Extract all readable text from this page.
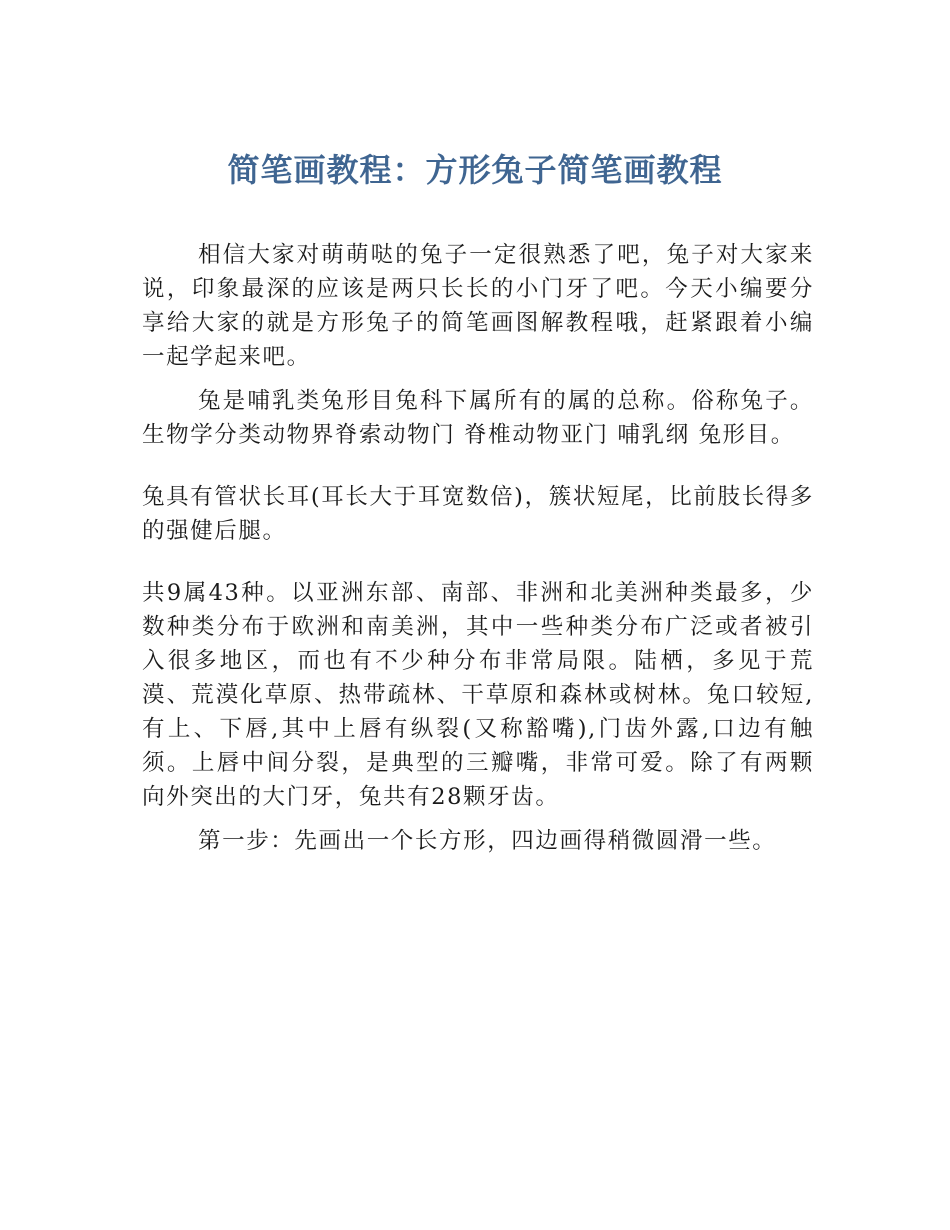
简笔画教程：方形兔子简笔画教程

相信大家对萌萌哒的兔子一定很熟悉了吧，兔子对大家来说，印象最深的应该是两只长长的小门牙了吧。今天小编要分享给大家的就是方形兔子的简笔画图解教程哦，赶紧跟着小编一起学起来吧。

兔是哺乳类兔形目兔科下属所有的属的总称。俗称兔子。生物学分类动物界脊索动物门 脊椎动物亚门 哺乳纲 兔形目。

兔具有管状长耳(耳长大于耳宽数倍)，簇状短尾，比前肢长得多的强健后腿。

共9属43种。以亚洲东部、南部、非洲和北美洲种类最多，少数种类分布于欧洲和南美洲，其中一些种类分布广泛或者被引入很多地区，而也有不少种分布非常局限。陆栖，多见于荒漠、荒漠化草原、热带疏林、干草原和森林或树林。兔口较短,有上、下唇,其中上唇有纵裂(又称豁嘴),门齿外露,口边有触须。上唇中间分裂，是典型的三瓣嘴，非常可爱。除了有两颗向外突出的大门牙，兔共有28颗牙齿。

第一步：先画出一个长方形，四边画得稍微圆滑一些。
